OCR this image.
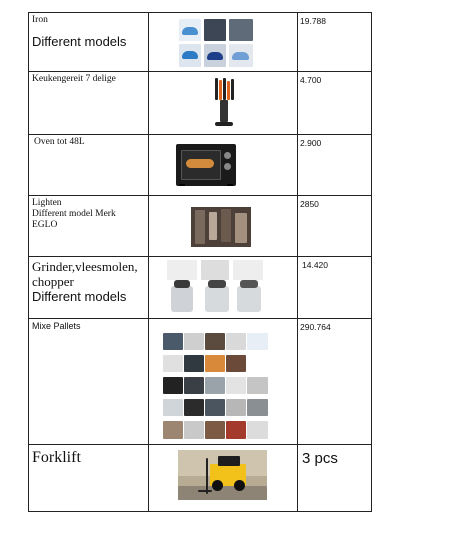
Iron
Different models		19.788

Keukengereit 7 delige		4.700

Oven tot 48L		2.900

Lighten
Different model Merk
EGLO		2850

Grinder,vleesmolen,
chopper
Different models		14.420

Mixe Pallets		290.764

Forklift		3 pcs
